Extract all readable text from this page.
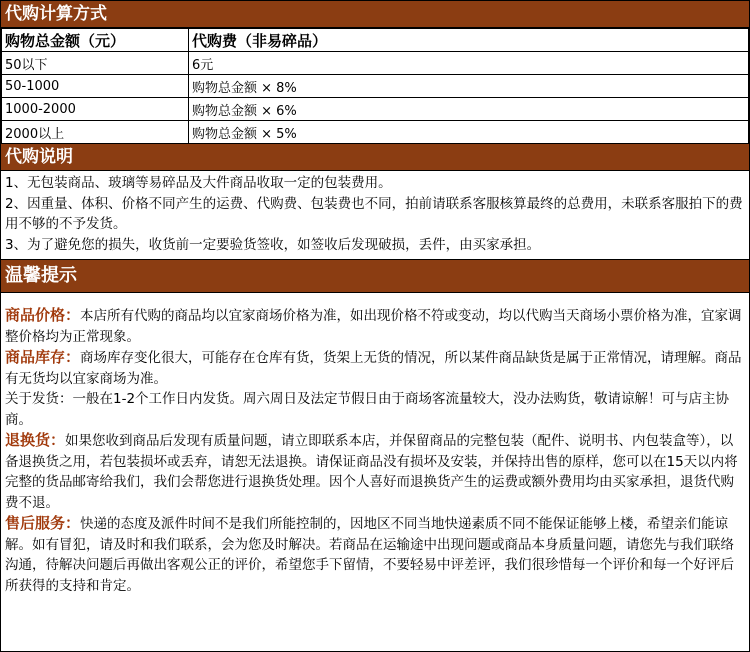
代购计算方式
购物总金额（元）	代购费（非易碎品）
50以下	6元
50-1000	购物总金额 × 8%
1000-2000	购物总金额 × 6%
2000以上	购物总金额 × 5%
代购说明
1、无包装商品、玻璃等易碎品及大件商品收取一定的包装费用。
2、因重量、体积、价格不同产生的运费、代购费、包装费也不同，拍前请联系客服核算最终的总费用，未联系客服拍下的费用不够的不予发货。
3、为了避免您的损失，收货前一定要验货签收，如签收后发现破损，丢件，由买家承担。
温馨提示

商品价格：本店所有代购的商品均以宜家商场价格为准，如出现价格不符或变动，均以代购当天商场小票价格为准，宜家调整价格均为正常现象。

商品库存：商场库存变化很大，可能存在仓库有货，货架上无货的情况，所以某件商品缺货是属于正常情况，请理解。商品有无货均以宜家商场为准。

关于发货：一般在1-2个工作日内发货。周六周日及法定节假日由于商场客流量较大，没办法购货，敬请谅解！可与店主协商。

退换货：如果您收到商品后发现有质量问题，请立即联系本店，并保留商品的完整包装（配件、说明书、内包装盒等），以备退换货之用，若包装损坏或丢弃，请恕无法退换。请保证商品没有损坏及安装，并保持出售的原样，您可以在15天以内将完整的货品邮寄给我们，我们会帮您进行退换货处理。因个人喜好而退换货产生的运费或额外费用均由买家承担，退货代购费不退。

售后服务：快递的态度及派件时间不是我们所能控制的，因地区不同当地快递素质不同不能保证能够上楼，希望亲们能谅解。如有冒犯，请及时和我们联系，会为您及时解决。若商品在运输途中出现问题或商品本身质量问题，请您先与我们联络沟通，待解决问题后再做出客观公正的评价，希望您手下留情，不要轻易中评差评，我们很珍惜每一个评价和每一个好评后所获得的支持和肯定。
